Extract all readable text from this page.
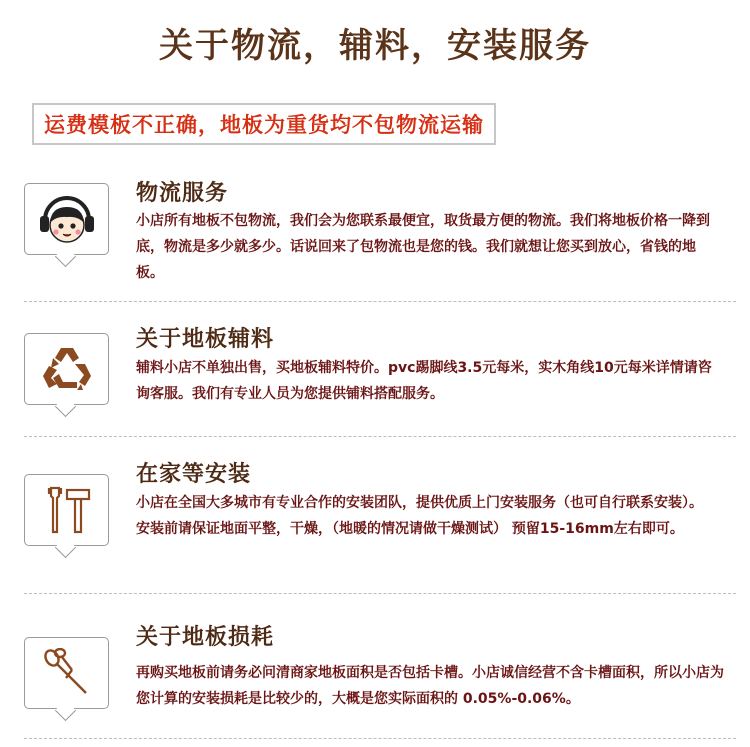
关于物流，辅料，安装服务
运费模板不正确，地板为重货均不包物流运输
物流服务
小店所有地板不包物流，我们会为您联系最便宜，取货最方便的物流。我们将地板价格一降到底，物流是多少就多少。话说回来了包物流也是您的钱。我们就想让您买到放心，省钱的地板。
关于地板辅料
辅料小店不单独出售，买地板辅料特价。pvc踢脚线3.5元每米，实木角线10元每米详情请咨询客服。我们有专业人员为您提供铺料搭配服务。
在家等安装
小店在全国大多城市有专业合作的安装团队，提供优质上门安装服务（也可自行联系安装）。安装前请保证地面平整，干燥，（地暖的情况请做干燥测试） 预留15-16mm左右即可。
关于地板损耗
再购买地板前请务必问清商家地板面积是否包括卡槽。小店诚信经营不含卡槽面积，所以小店为您计算的安装损耗是比较少的，大概是您实际面积的 0.05%-0.06%。
